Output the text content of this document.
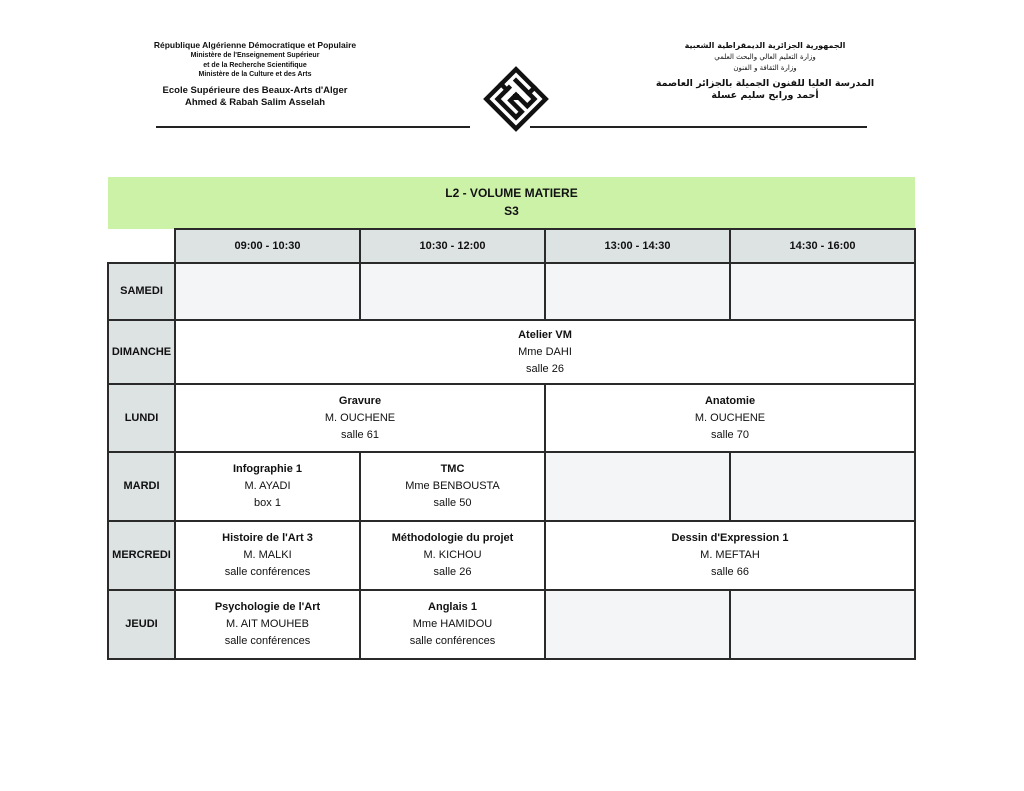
République Algérienne Démocratique et Populaire
Ministère de l'Enseignement Supérieur
et de la Recherche Scientifique
Ministère de la Culture et des Arts
Ecole Supérieure des Beaux-Arts d'Alger
Ahmed & Rabah Salim Asselah
الجمهورية الجزائرية الديمقراطية الشعبية
وزارة التعليم العالي والبحث العلمي
وزارة الثقافة و الفنون
المدرسة العليا للفنون الجميلة بالجزائر العاصمة
أحمد ورابح سليم عسلة
L2 - VOLUME MATIERE
S3
	09:00 - 10:30	10:30 - 12:00	13:00 - 14:30	14:30 - 16:00
SAMEDI				
DIMANCHE	Atelier VM
Mme DAHI
salle 26			

LUNDI	Gravure
M. OUCHENE
salle 61		Anatomie
M. OUCHENE
salle 70	

MARDI	Infographie 1
M. AYADI
box 1	TMC
Mme BENBOUSTA
salle 50		

MERCREDI	Histoire de l'Art 3
M. MALKI
salle conférences	Méthodologie du projet
M. KICHOU
salle 26	Dessin d'Expression 1
M. MEFTAH
salle 66	

JEUDI	Psychologie de l'Art
M. AIT MOUHEB
salle conférences	Anglais 1
Mme HAMIDOU
salle conférences		
